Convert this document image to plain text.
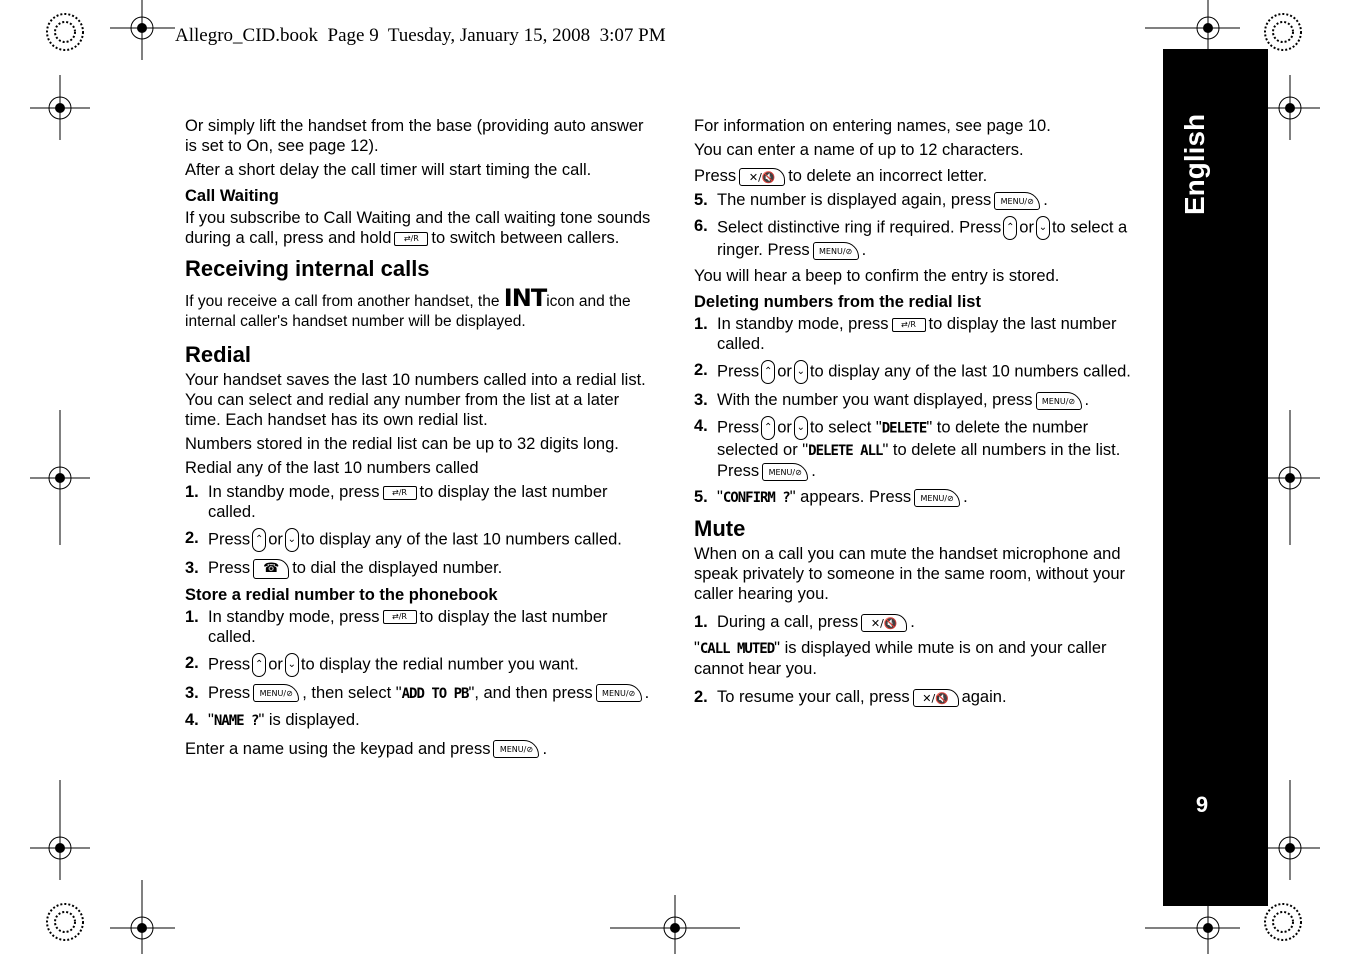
Allegro_CID.book  Page 9  Tuesday, January 15, 2008  3:07 PM
English
9

Or simply lift the handset from the base (providing auto answer is set to On, see page 12).

After a short delay the call timer will start timing the call.

Call Waiting

If you subscribe to Call Waiting and the call waiting tone sounds during a call, press and hold ⇄/R to switch between callers.

Receiving internal calls

If you receive a call from another handset, the INTicon and the internal caller's handset number will be displayed.

Redial

Your handset saves the last 10 numbers called into a redial list. You can select and redial any number from the list at a later time. Each handset has its own redial list.

Numbers stored in the redial list can be up to 32 digits long.

Redial any of the last 10 numbers called

1. In standby mode, press ⇄/R to display the last number called.
2. Press ⌃ or ⌄ to display any of the last 10 numbers called.
3. Press ☎ to dial the displayed number.
Store a redial number to the phonebook
1. In standby mode, press ⇄/R to display the last number called.
2. Press ⌃ or ⌄ to display the redial number you want.
3. Press MENU/⊘ , then select "ADD TO PB", and then press MENU/⊘ .
4. "NAME ?" is displayed.

Enter a name using the keypad and press MENU/⊘ .

For information on entering names, see page 10.

You can enter a name of up to 12 characters.

Press ✕/🔇 to delete an incorrect letter.

5. The number is displayed again, press MENU/⊘ .
6. Select distinctive ring if required. Press ⌃ or ⌄ to select a ringer. Press MENU/⊘ .

You will hear a beep to confirm the entry is stored.

Deleting numbers from the redial list
1. In standby mode, press ⇄/R to display the last number called.
2. Press ⌃ or ⌄ to display any of the last 10 numbers called.
3. With the number you want displayed, press MENU/⊘ .
4. Press ⌃ or ⌄ to select "DELETE" to delete the number selected or "DELETE ALL" to delete all numbers in the list. Press MENU/⊘ .
5. "CONFIRM ?" appears. Press MENU/⊘ .
Mute

When on a call you can mute the handset microphone and speak privately to someone in the same room, without your caller hearing you.

1. During a call, press ✕/🔇 .

"CALL MUTED" is displayed while mute is on and your caller cannot hear you.

2. To resume your call, press ✕/🔇 again.
